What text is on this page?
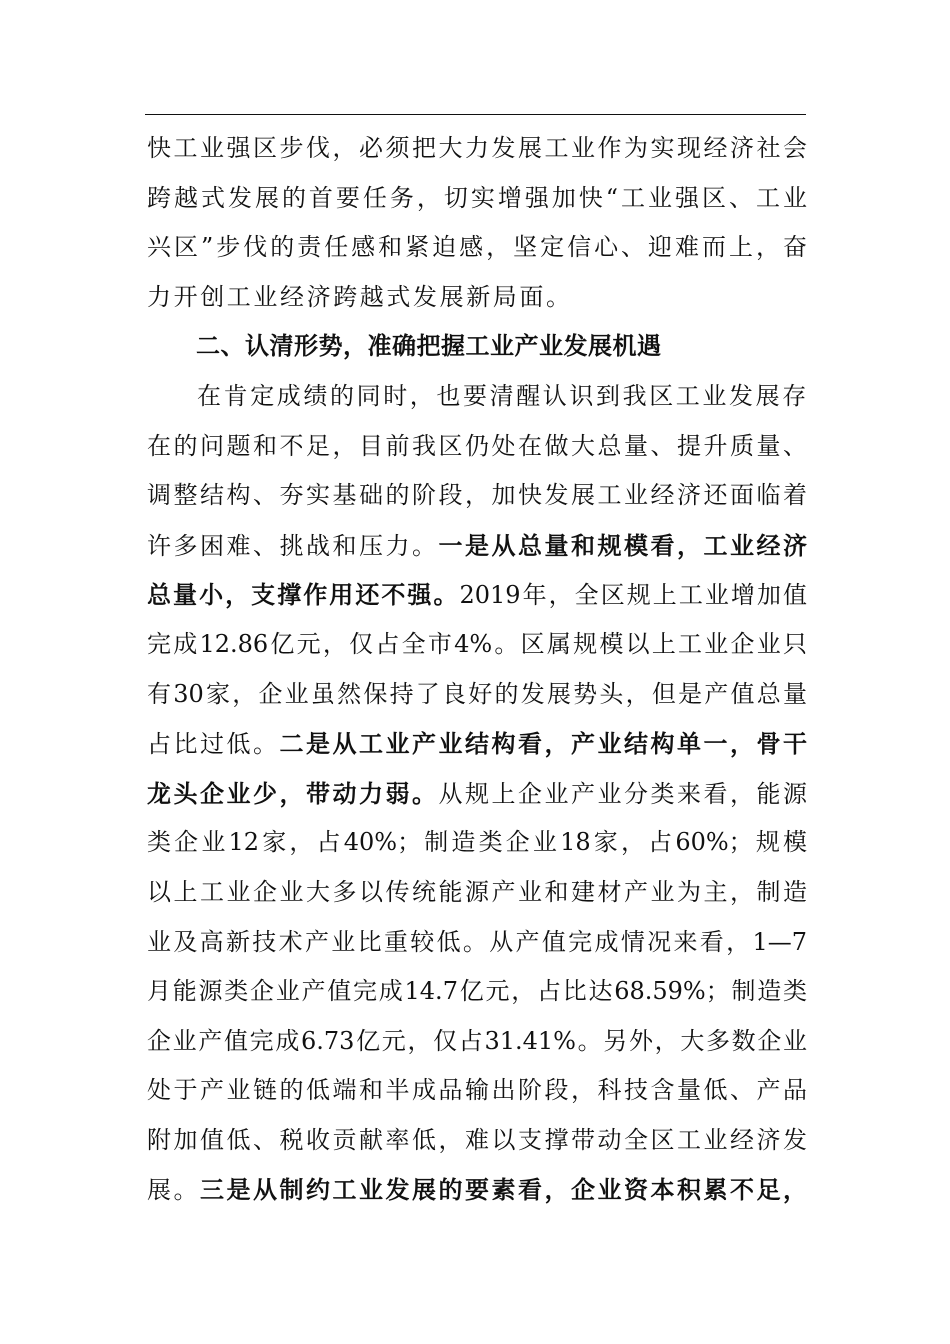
快工业强区步伐，必须把大力发展工业作为实现经济社会
跨越式发展的首要任务，切实增强加快“工业强区、工业
兴区”步伐的责任感和紧迫感，坚定信心、迎难而上，奋
力开创工业经济跨越式发展新局面。
二、认清形势，准确把握工业产业发展机遇
在肯定成绩的同时，也要清醒认识到我区工业发展存
在的问题和不足，目前我区仍处在做大总量、提升质量、
调整结构、夯实基础的阶段，加快发展工业经济还面临着
许多困难、挑战和压力。一是从总量和规模看，工业经济
总量小，支撑作用还不强。2019年，全区规上工业增加值
完成12.86亿元，仅占全市4%。区属规模以上工业企业只
有30家，企业虽然保持了良好的发展势头，但是产值总量
占比过低。二是从工业产业结构看，产业结构单一，骨干
龙头企业少，带动力弱。从规上企业产业分类来看，能源
类企业12家，占40%；制造类企业18家，占60%；规模
以上工业企业大多以传统能源产业和建材产业为主，制造
业及高新技术产业比重较低。从产值完成情况来看，1—7
月能源类企业产值完成14.7亿元，占比达68.59%；制造类
企业产值完成6.73亿元，仅占31.41%。另外，大多数企业
处于产业链的低端和半成品输出阶段，科技含量低、产品
附加值低、税收贡献率低，难以支撑带动全区工业经济发
展。三是从制约工业发展的要素看，企业资本积累不足，
